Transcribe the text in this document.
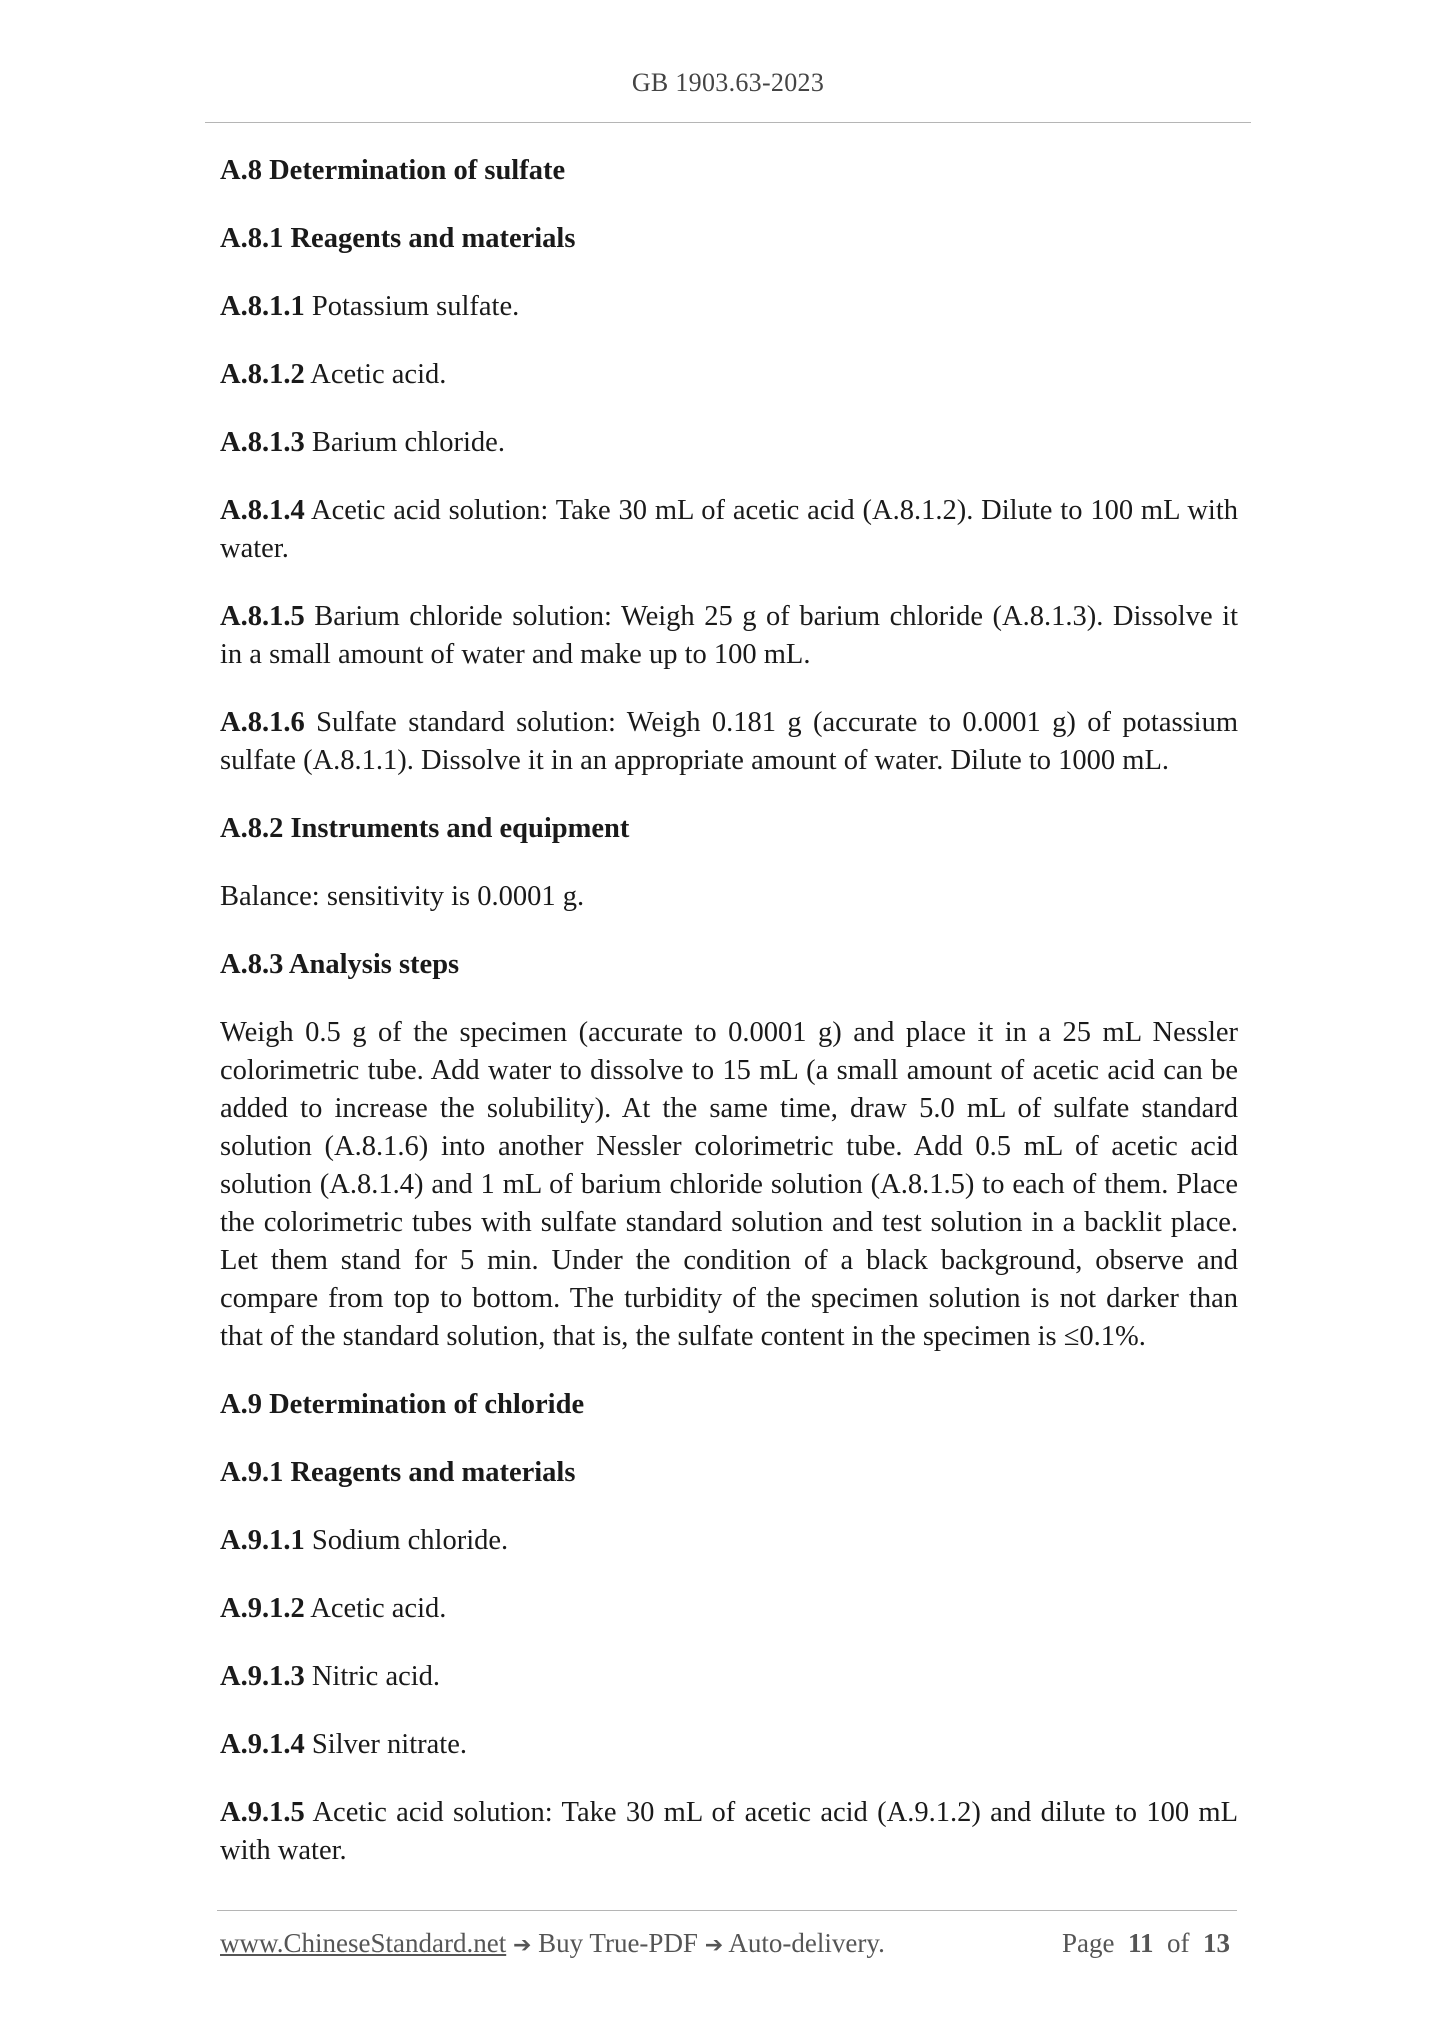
GB 1903.63-2023
A.8 Determination of sulfate
A.8.1 Reagents and materials

A.8.1.1 Potassium sulfate.

A.8.1.2 Acetic acid.

A.8.1.3 Barium chloride.

A.8.1.4 Acetic acid solution: Take 30 mL of acetic acid (A.8.1.2). Dilute to 100 mL with water.

A.8.1.5 Barium chloride solution: Weigh 25 g of barium chloride (A.8.1.3). Dissolve it in a small amount of water and make up to 100 mL.

A.8.1.6 Sulfate standard solution: Weigh 0.181 g (accurate to 0.0001 g) of potassium sulfate (A.8.1.1). Dissolve it in an appropriate amount of water. Dilute to 1000 mL.

A.8.2 Instruments and equipment

Balance: sensitivity is 0.0001 g.

A.8.3 Analysis steps

Weigh 0.5 g of the specimen (accurate to 0.0001 g) and place it in a 25 mL Nessler colorimetric tube. Add water to dissolve to 15 mL (a small amount of acetic acid can be added to increase the solubility). At the same time, draw 5.0 mL of sulfate standard solution (A.8.1.6) into another Nessler colorimetric tube. Add 0.5 mL of acetic acid solution (A.8.1.4) and 1 mL of barium chloride solution (A.8.1.5) to each of them. Place the colorimetric tubes with sulfate standard solution and test solution in a backlit place. Let them stand for 5 min. Under the condition of a black background, observe and compare from top to bottom. The turbidity of the specimen solution is not darker than that of the standard solution, that is, the sulfate content in the specimen is ≤0.1%.

A.9 Determination of chloride
A.9.1 Reagents and materials

A.9.1.1 Sodium chloride.

A.9.1.2 Acetic acid.

A.9.1.3 Nitric acid.

A.9.1.4 Silver nitrate.

A.9.1.5 Acetic acid solution: Take 30 mL of acetic acid (A.9.1.2) and dilute to 100 mL with water.

www.ChineseStandard.net ➔ Buy True-PDF ➔ Auto-delivery.	Page 11 of 13
